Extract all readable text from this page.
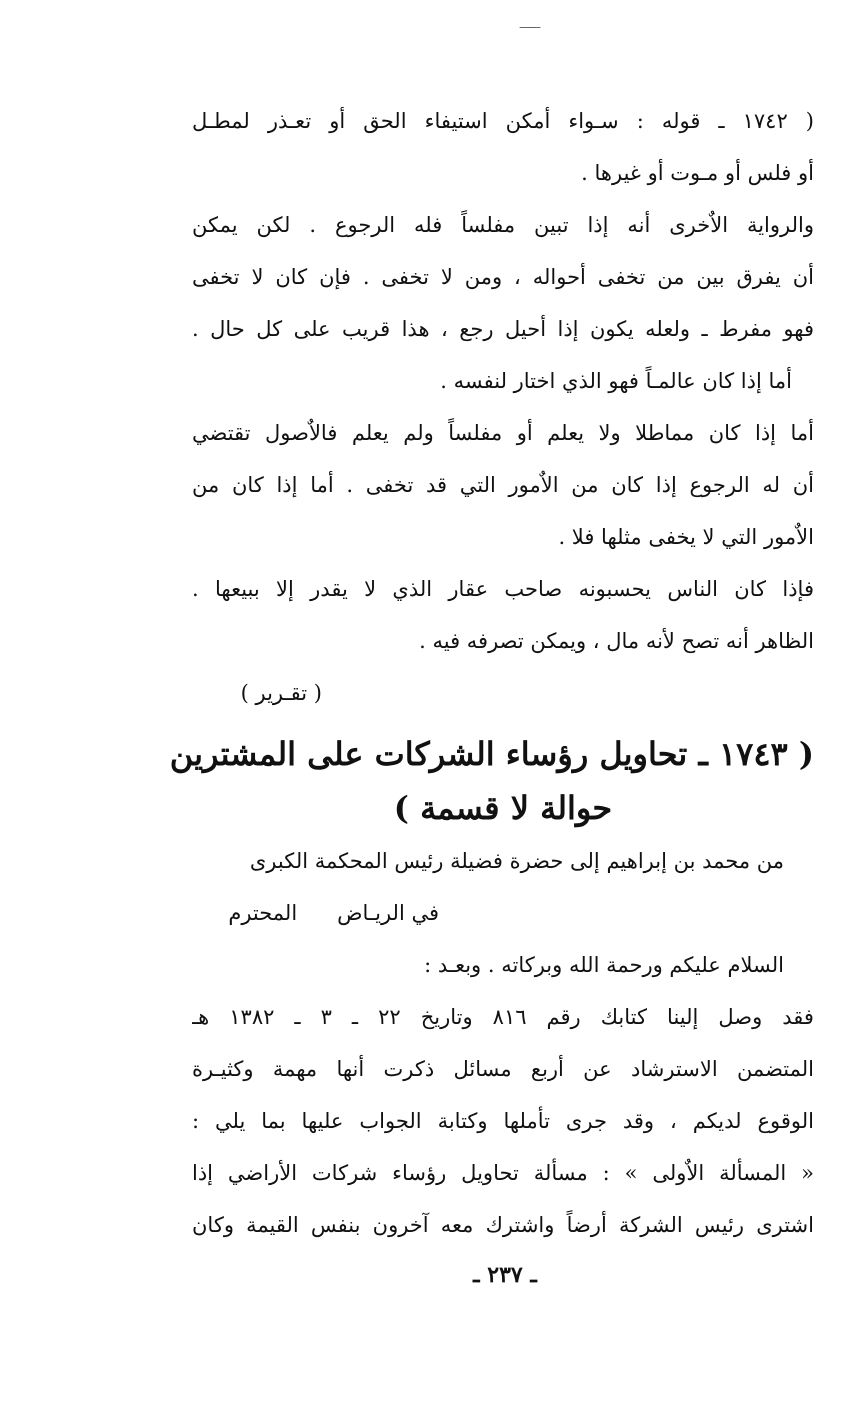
ـــــــ
( ١٧٤٢ ـ قوله : سـواء أمكن استيفاء الحق أو تعـذر لمطـل
أو فلس أو مـوت أو غيرها .
والرواية الاٌخرى أنه إذا تبين مفلساً فله الرجوع . لكن يمكن
أن يفرق بين من تخفى أحواله ، ومن لا تخفى . فإن كان لا تخفى
فهو مفرط ـ ولعله يكون إذا أحيل رجع ، هذا قريب على كل حال .
أما إذا كان عالمـاً فهو الذي اختار لنفسه .
أما إذا كان مماطلا ولا يعلم أو مفلساً ولم يعلم فالاٌصول تقتضي
أن له الرجوع إذا كان من الاٌمور التي قد تخفى . أما إذا كان من
الاٌمور التي لا يخفى مثلها فلا .
فإذا كان الناس يحسبونه صاحب عقار الذي لا يقدر إلا ببيعها .
الظاهر أنه تصح لأنه مال ، ويمكن تصرفه فيه .
( تقـرير )
( ١٧٤٣ ـ تحاويل رؤساء الشركات على المشترين
حوالة لا قسمة )
من محمد بن إبراهيم إلى حضرة فضيلة رئيس المحكمة الكبرى
في الريـاضالمحترم
السلام عليكم ورحمة الله وبركاته . وبعـد :
فقد وصل إلينا كتابك رقم ٨١٦ وتاريخ ٢٢ ـ ٣ ـ ١٣٨٢ هـ
المتضمن الاسترشاد عن أربع مسائل ذكرت أنها مهمة وكثيـرة
الوقوع لديكم ، وقد جرى تأملها وكتابة الجواب عليها بما يلي :
« المسألة الاٌولى » : مسألة تحاويل رؤساء شركات الأراضي إذا
اشترى رئيس الشركة أرضاً واشترك معه آخرون بنفس القيمة وكان
ـ ٢٣٧ ـ
